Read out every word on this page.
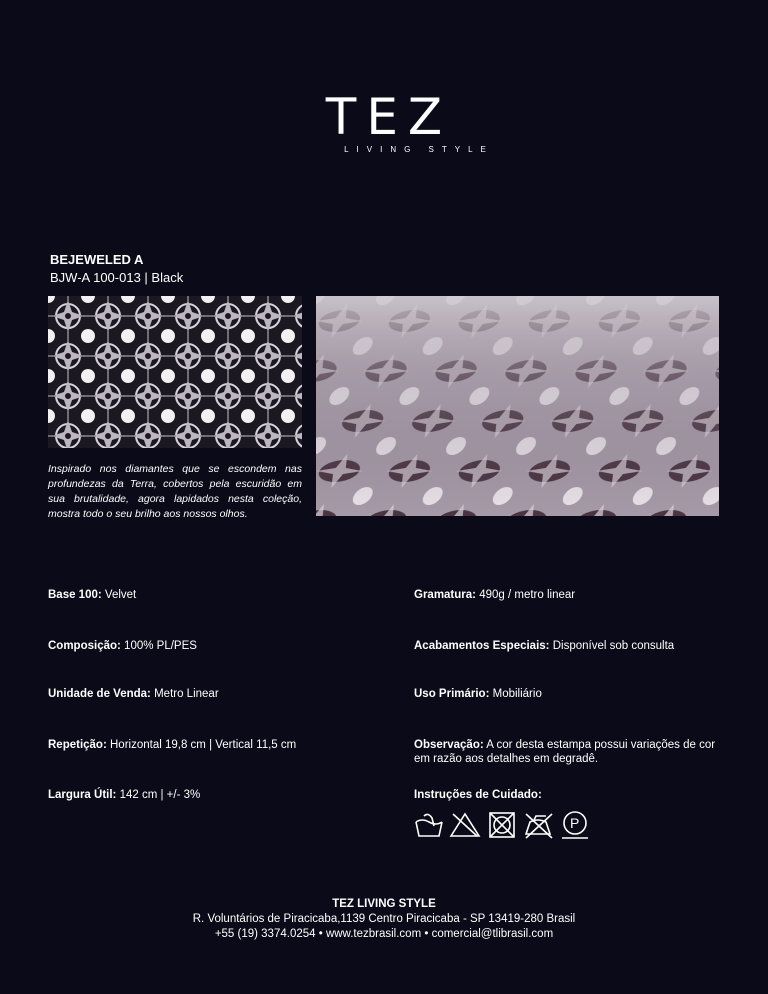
TEZ
LIVING STYLE
BEJEWELED A
BJW-A 100-013 | Black

Inspirado nos diamantes que se escondem nas profundezas da Terra, cobertos pela escuridão em sua brutalidade, agora lapidados nesta coleção, mostra todo o seu brilho aos nossos olhos.

Base 100: Velvet
Composição: 100% PL/PES
Unidade de Venda: Metro Linear
Repetição: Horizontal 19,8 cm | Vertical 11,5 cm
Largura Útil: 142 cm | +/- 3%
Gramatura: 490g / metro linear
Acabamentos Especiais: Disponível sob consulta
Uso Primário: Mobiliário
Observação: A cor desta estampa possui variações de cor em razão aos detalhes em degradê.
Instruções de Cuidado:
P
TEZ LIVING STYLE
R. Voluntários de Piracicaba,1139 Centro Piracicaba - SP 13419-280 Brasil
+55 (19) 3374.0254 • www.tezbrasil.com • comercial@tlibrasil.com
